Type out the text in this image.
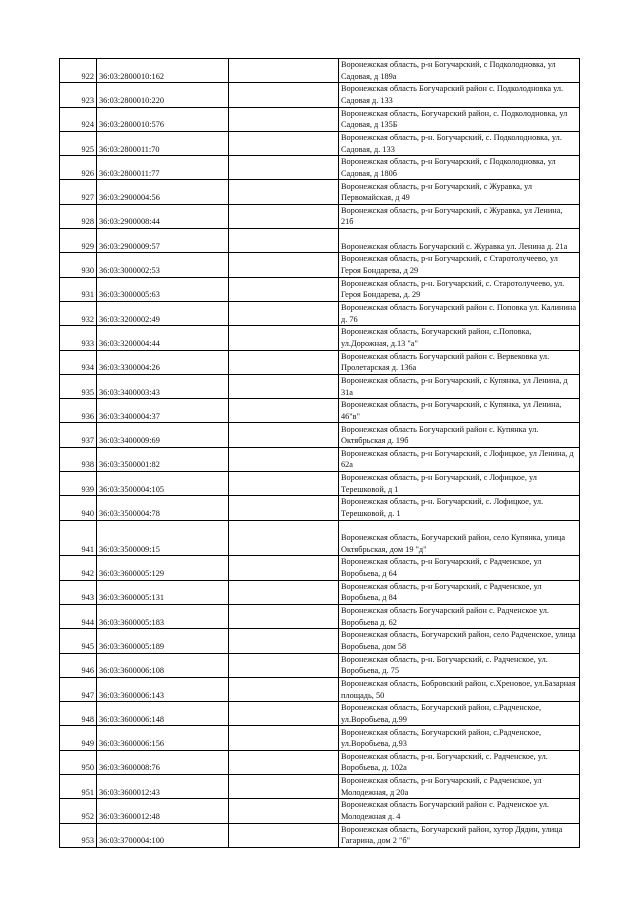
922	36:03:2800010:162		Воронежская область, р-н Богучарский, с Подколодновка, ул Садовая, д 189а
923	36:03:2800010:220		Воронежская область Богучарский район с. Подколодновка ул. Садовая д. 133
924	36:03:2800010:576		Воронежская область, Богучарский район, с. Подколодновка, ул Садовая, д 135Б
925	36:03:2800011:70		Воронежская область, р-н. Богучарский, с. Подколодновка, ул. Садовая, д. 133
926	36:03:2800011:77		Воронежская область, р-н Богучарский, с Подколодновка, ул Садовая, д 180б
927	36:03:2900004:56		Воронежская область, р-н Богучарский, с Журавка, ул Первомайская, д 49
928	36:03:2900008:44		Воронежская область, р-н Богучарский, с Журавка, ул Ленина, 21б
929	36:03:2900009:57		Воронежская область Богучарский с. Журавка ул. Ленина д. 21а
930	36:03:3000002:53		Воронежская область, р-н Богучарский, с Старотолучеево, ул Героя Бондарева, д 29
931	36:03:3000005:63		Воронежская область, р-н. Богучарский, с. Старотолучеево, ул. Героя Бондарева, д. 29
932	36:03:3200002:49		Воронежская область Богучарский район с. Поповка ул. Калинина д. 76
933	36:03:3200004:44		Воронежская область, Богучарский район, с.Поповка, ул.Дорожная, д.13 "а"
934	36:03:3300004:26		Воронежская область Богучарский район с. Вервековка ул. Пролетарская д. 136а
935	36:03:3400003:43		Воронежская область, р-н Богучарский, с Купянка, ул Ленина, д 31а
936	36:03:3400004:37		Воронежская область, р-н Богучарский, с Купянка, ул Ленина, 46"в"
937	36:03:3400009:69		Воронежская область Богучарский район с. Купянка ул. Октябрьская д. 19б
938	36:03:3500001:82		Воронежская область, р-н Богучарский, с Лофицкое, ул Ленина, д 62а
939	36:03:3500004:105		Воронежская область, р-н Богучарский, с Лофицкое, ул Терешковой, д 1
940	36:03:3500004:78		Воронежская область, р-н. Богучарский, с. Лофицкое, ул. Терешковой, д. 1
941	36:03:3500009:15		Воронежская область, Богучарский район, село Купянка, улица Октябрьская, дом 19 "д"
942	36:03:3600005:129		Воронежская область, р-н Богучарский, с Радченское, ул Воробьева, д 64
943	36:03:3600005:131		Воронежская область, р-н Богучарский, с Радченское, ул Воробьева, д 84
944	36:03:3600005:183		Воронежская область Богучарский район с. Радченское ул. Воробьева д. 62
945	36:03:3600005:189		Воронежская область, Богучарский район, село Радченское, улица Воробьева, дом 58
946	36:03:3600006:108		Воронежская область, р-н. Богучарский, с. Радченское, ул. Воробьева, д. 75
947	36:03:3600006:143		Воронежская область, Бобровский район, с.Хреновое, ул.Базарная площадь, 50
948	36:03:3600006:148		Воронежская область, Богучарский район, с.Радченское, ул.Воробьева, д.99
949	36:03:3600006:156		Воронежская область, Богучарский район, с.Радченское, ул.Воробьева, д.93
950	36:03:3600008:76		Воронежская область, р-н. Богучарский, с. Радченское, ул. Воробьева, д. 102а
951	36:03:3600012:43		Воронежская область, р-н Богучарский, с Радченское, ул Молодежная, д 20а
952	36:03:3600012:48		Воронежская область Богучарский район с. Радченское ул. Молодежная д. 4
953	36:03:3700004:100		Воронежская область, Богучарский район, хутор Дядин, улица Гагарина, дом 2 "б"
